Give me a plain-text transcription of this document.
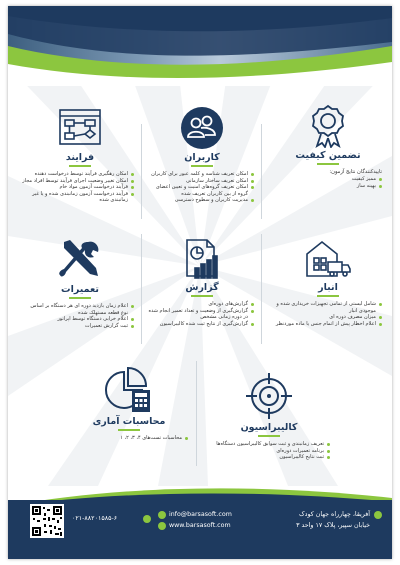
تضمین کیفیت
تایید‌کنندگان نتایج آزمون:
ممیز کیفیت
بهینه ساز
کاربران
امکان تعریف شناسه و کلمه عبور برای کاربران
امکان تعریف ساختار سازمانی
امکان تعریف گروه‌های امنیت و تعیین اعضای گروه از بین کاربران تعریف شده
مدیریت کاربران و سطوح دسترسی
فرایند
امکان رهگیری فرآیند توسط درخواست دهنده
امکان تغییر وضعیت اجرای فرآیند توسط افراد مجاز
فرآیند درخواست آزمون مواد خام
فرآیند درخواست آزمون زمانبندی شده و یا غیر زمانبندی شده
انبار
شامل لیستی از تمامی تجهیزات خریداری شده و موجودی انبار
میزان مصرف دوره ای
اعلام اخطار پیش از اتمام جنس یا ماده موردنظر
گزارش
گزارش‌های دوره‌ای
گزارش‌گیری از وضعیت و تعداد تعمیر انجام شده در دوره زمانی مشخص
گزارش‌گیری از نتایج ثبت شده کالیبراسیون
تعمیرات
اعلام زمان بازدید دوره ای هر دستگاه بر اساس نوع قطعه مستهلک شده
اعلام خرابی دستگاه توسط اپراتور
ثبت گزارش تعمیرات
کالیبراسیون
تعریف زمانبندی و ثبت سوابق کالیبراسیون دستگاه‌ها
برنامه تعمیرات دوره‌ای
ثبت نتایج کالیبراسیون
محاسبات آماری
محاسبات تست‌های ۴، ۳، ۲، ۱
۰۲۱-۸۸۲۰۱۵۸۵-۶
info@barsasoft.com
www.barsasoft.com
آفریقا، چهارراه جهان کودک
خیابان سپیر، پلاک ۱۷ واحد ۳
